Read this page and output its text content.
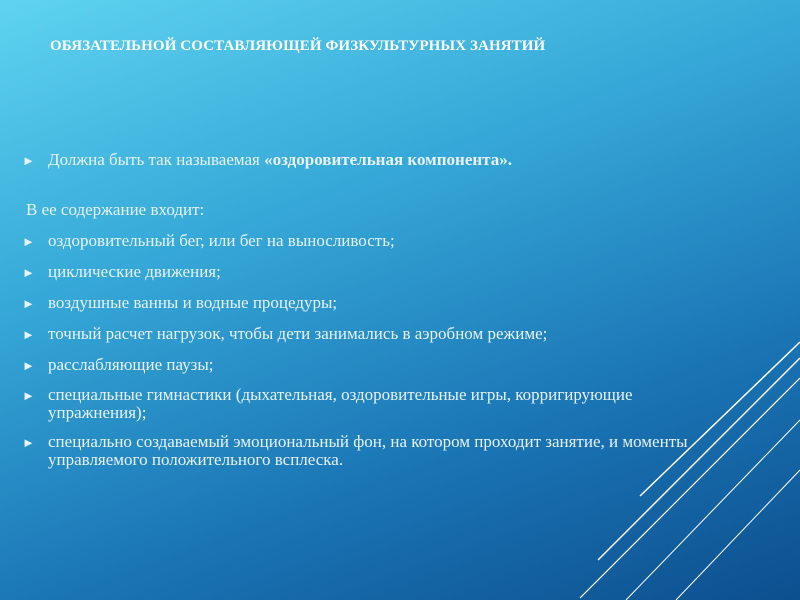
ОБЯЗАТЕЛЬНОЙ СОСТАВЛЯЮЩЕЙ ФИЗКУЛЬТУРНЫХ ЗАНЯТИЙ
► Должна быть так называемая «оздоровительная компонента».
В ее содержание входит:
► оздоровительный бег, или бег на выносливость;
► циклические движения;
► воздушные ванны и водные процедуры;
► точный расчет нагрузок, чтобы дети занимались в аэробном режиме;
► расслабляющие паузы;
► специальные гимнастики (дыхательная, оздоровительные игры, корригирующие упражнения);
► специально создаваемый эмоциональный фон, на котором проходит занятие, и моменты управляемого положительного всплеска.
